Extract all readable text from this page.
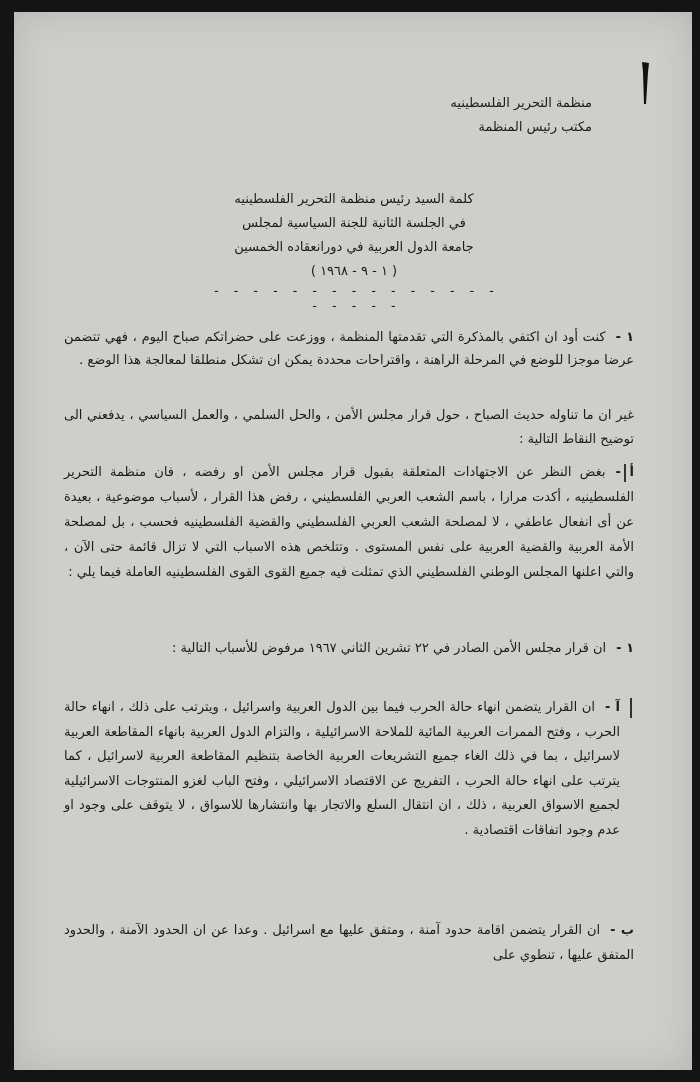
منظمة التحرير الفلسطينيه
مكتب رئيس المنظمة
كلمة السيد رئيس منظمة التحرير الفلسطينيه
في الجلسة الثانية للجنة السياسية لمجلس
جامعة الدول العربية في دورانعقاده الخمسين
( ١ - ٩ - ١٩٦٨ )
- - - - - - - - - - - - - - - - - - - -
١ -كنت أود ان اكتفي بالمذكرة التي تقدمتها المنظمة ، ووزعت على حضراتكم صباح اليوم ، فهي تتضمن عرضا موجزا للوضع في المرحلة الراهنة ، واقتراحات محددة يمكن ان تشكل منطلقا لمعالجة هذا الوضع .
غير ان ما تناوله حديث الصباح ، حول قرار مجلس الأمن ، والحل السلمي ، والعمل السياسي ، يدفعني الى توضيح النقاط التالية :
أ -بغض النظر عن الاجتهادات المتعلقة بقبول قرار مجلس الأمن او رفضه ، فان منظمة التحرير الفلسطينيه ، أكدت مرارا ، باسم الشعب العربي الفلسطيني ، رفض هذا القرار ، لأسباب موضوعية ، بعيدة عن أى انفعال عاطفي ، لا لمصلحة الشعب العربي الفلسطيني والقضية الفلسطينيه فحسب ، بل لمصلحة الأمة العربية والقضية العربية على نفس المستوى . وتتلخص هذه الاسباب التي لا تزال قائمة حتى الآن ، والتي اعلنها المجلس الوطني الفلسطيني الذي تمثلت فيه جميع القوى القوى الفلسطينيه العاملة فيما يلي :
١ -ان قرار مجلس الأمن الصادر في ٢٢ تشرين الثاني ١٩٦٧ مرفوض للأسباب التالية :
آ -ان القرار يتضمن انهاء حالة الحرب فيما بين الدول العربية واسرائيل ، ويترتب على ذلك ، انهاء حالة الحرب ، وفتح الممرات العربية المائية للملاحة الاسرائيلية ، والتزام الدول العربية بانهاء المقاطعة العربية لاسرائيل ، بما في ذلك الغاء جميع التشريعات العربية الخاصة بتنظيم المقاطعة العربية لاسرائيل ، كما يترتب على انهاء حالة الحرب ، التفريج عن الاقتصاد الاسرائيلي ، وفتح الباب لغزو المنتوجات الاسرائيلية لجميع الاسواق العربية ، ذلك ، ان انتقال السلع والاتجار بها وانتشارها للاسواق ، لا يتوقف على وجود او عدم وجود اتفاقات اقتصادية .
ب -ان القرار يتضمن اقامة حدود آمنة ، ومتفق عليها مع اسرائيل . وعدا عن ان الحدود الآمنة ، والحدود المتفق عليها ، تنطوي على
